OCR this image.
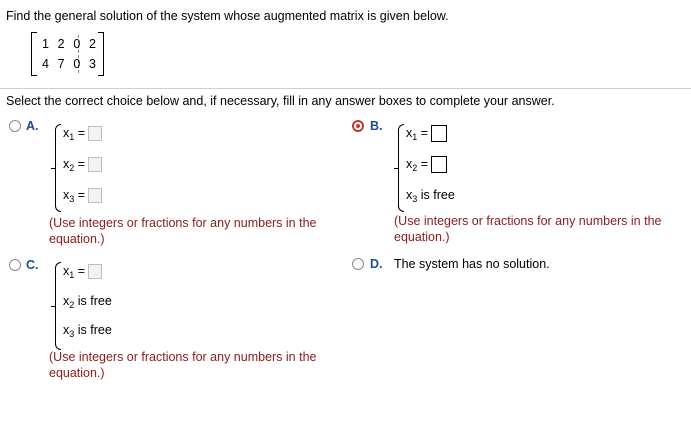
Find the general solution of the system whose augmented matrix is given below.
1 2 0 2
4 7 0 3
Select the correct choice below and, if necessary, fill in any answer boxes to complete your answer.
A. $x_1$ =
$x_2$ =
$x_3$ =
(Use integers or fractions for any numbers in the
equation.)
B. $x_1$ =
$x_2$ =
$x_3$ is free
(Use integers or fractions for any numbers in the
equation.)
C. $x_1$ =
$x_2$ is free
$x_3$ is free
(Use integers or fractions for any numbers in the
equation.)
D. The system has no solution.
